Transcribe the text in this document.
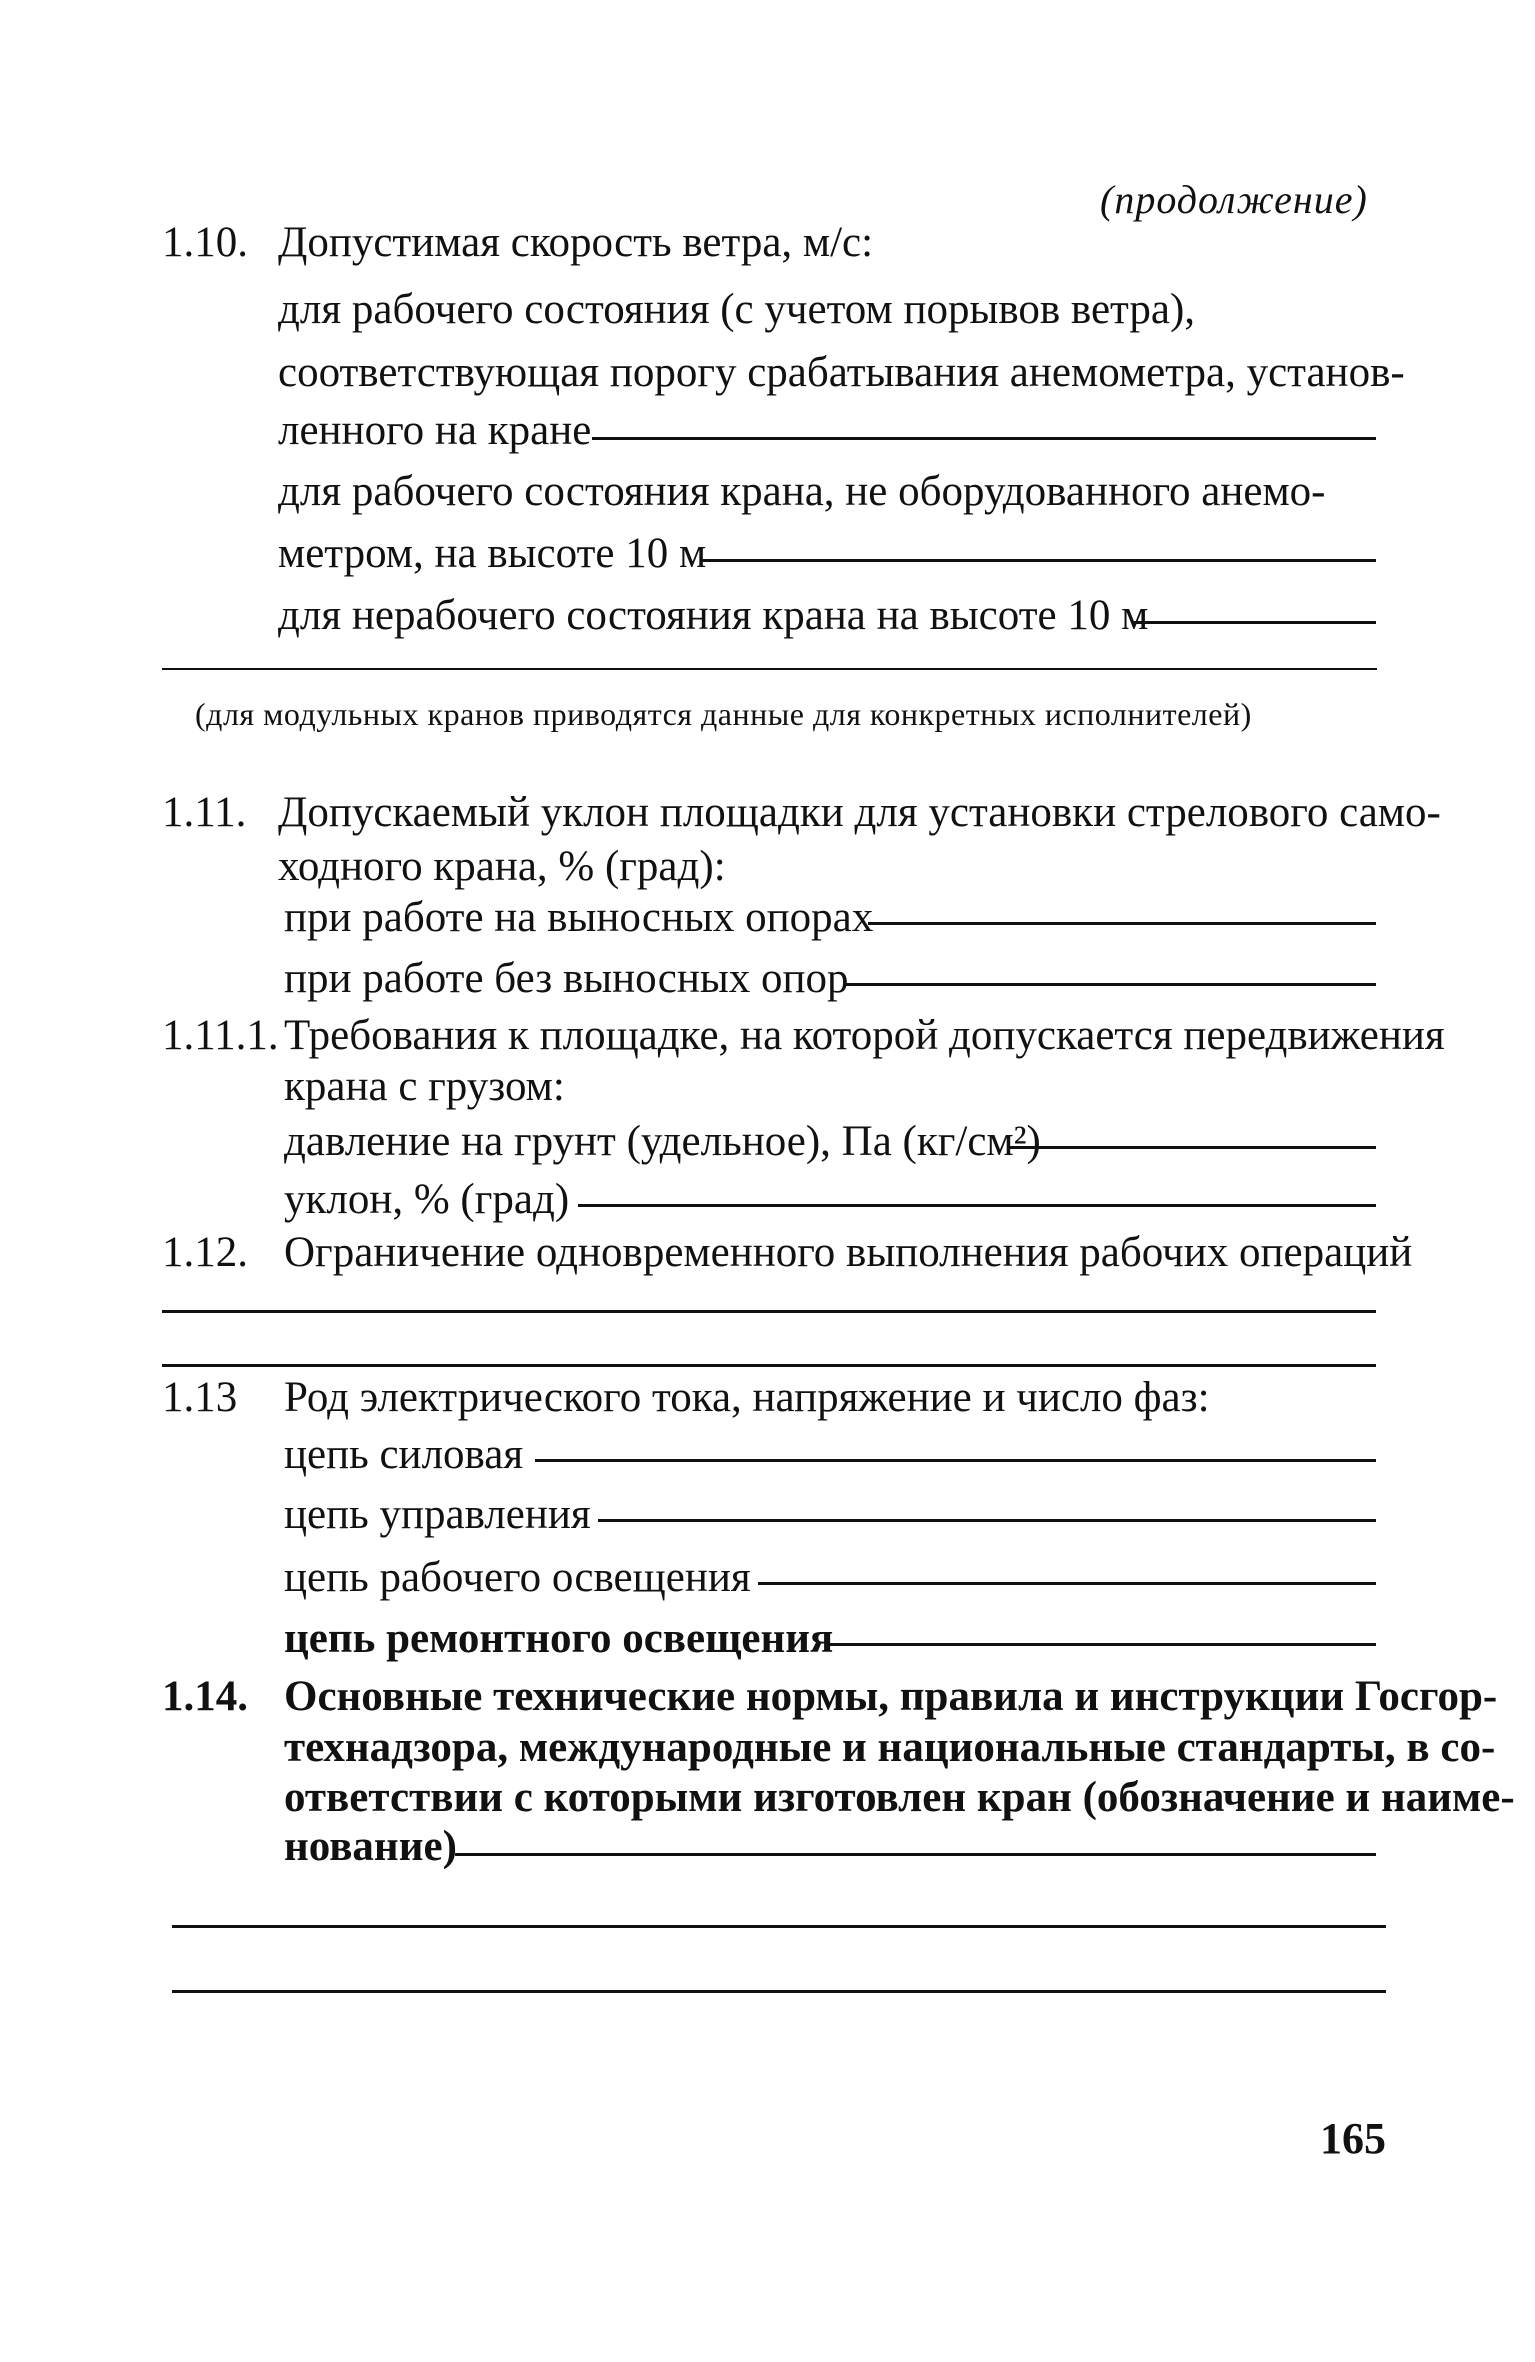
(продолжение)
1.10. Допустимая скорость ветра, м/с:
для рабочего состояния (с учетом порывов ветра),
соответствующая порогу срабатывания анемометра, установ-
ленного на кране
для рабочего состояния крана, не оборудованного анемо-
метром, на высоте 10 м
для нерабочего состояния крана на высоте 10 м
(для модульных кранов приводятся данные для конкретных исполнителей)
1.11. Допускаемый уклон площадки для установки стрелового само-
ходного крана, % (град):
при работе на выносных опорах
при работе без выносных опор
1.11.1. Требования к площадке, на которой допускается передвижения
крана с грузом:
давление на грунт (удельное), Па (кг/см²)
уклон, % (град)
1.12. Ограничение одновременного выполнения рабочих операций
1.13 Род электрического тока, напряжение и число фаз:
цепь силовая
цепь управления
цепь рабочего освещения
цепь ремонтного освещения
1.14. Основные технические нормы, правила и инструкции Госгор-
технадзора, международные и национальные стандарты, в со-
ответствии с которыми изготовлен кран (обозначение и наиме-
нование)
165
